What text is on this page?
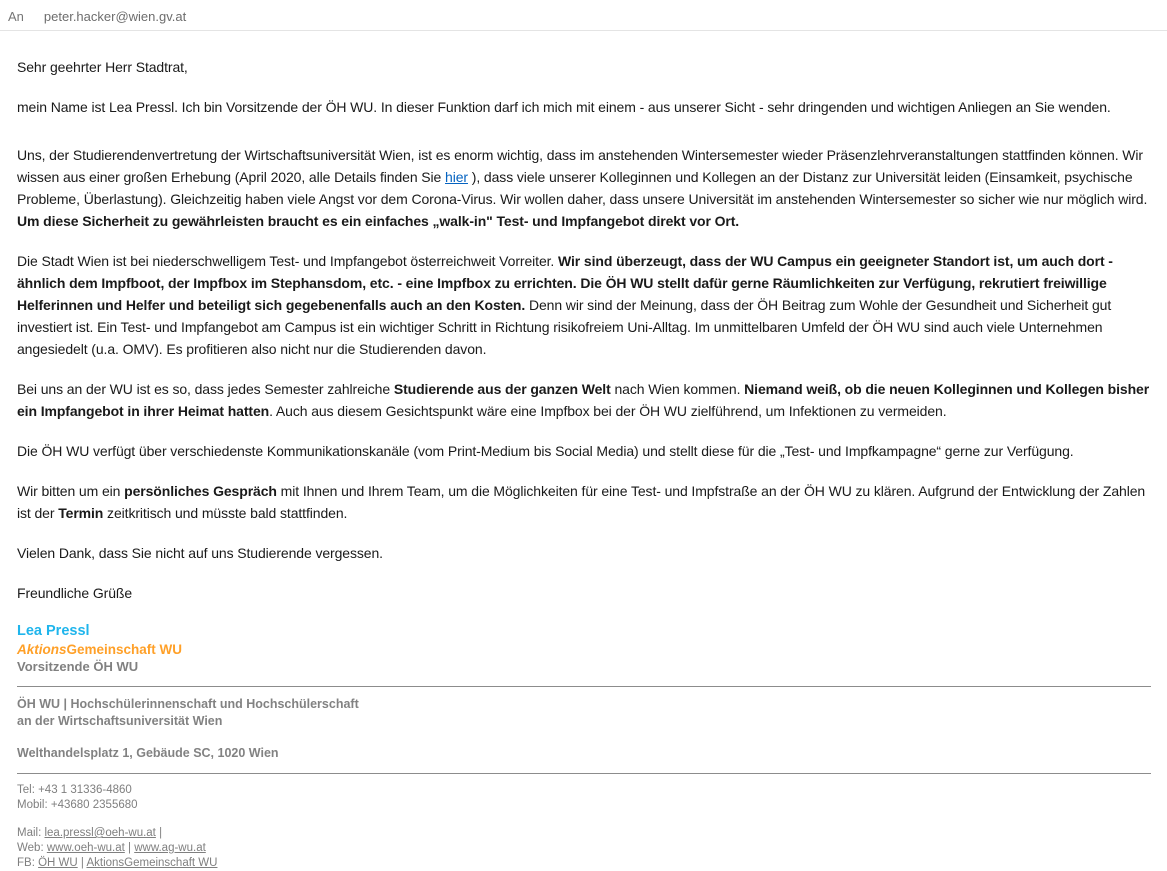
An peter.hacker@wien.gv.at

Sehr geehrter Herr Stadtrat,

mein Name ist Lea Pressl. Ich bin Vorsitzende der ÖH WU. In dieser Funktion darf ich mich mit einem - aus unserer Sicht - sehr dringenden und wichtigen Anliegen an Sie wenden.

Uns, der Studierendenvertretung der Wirtschaftsuniversität Wien, ist es enorm wichtig, dass im anstehenden Wintersemester wieder Präsenzlehrveranstaltungen stattfinden können. Wir wissen aus einer großen Erhebung (April 2020, alle Details finden Sie hier ), dass viele unserer Kolleginnen und Kollegen an der Distanz zur Universität leiden (Einsamkeit, psychische Probleme, Überlastung). Gleichzeitig haben viele Angst vor dem Corona-Virus. Wir wollen daher, dass unsere Universität im anstehenden Wintersemester so sicher wie nur möglich wird. Um diese Sicherheit zu gewährleisten braucht es ein einfaches „walk-in" Test- und Impfangebot direkt vor Ort.

Die Stadt Wien ist bei niederschwelligem Test- und Impfangebot österreichweit Vorreiter. Wir sind überzeugt, dass der WU Campus ein geeigneter Standort ist, um auch dort - ähnlich dem Impfboot, der Impfbox im Stephansdom, etc. - eine Impfbox zu errichten. Die ÖH WU stellt dafür gerne Räumlichkeiten zur Verfügung, rekrutiert freiwillige Helferinnen und Helfer und beteiligt sich gegebenenfalls auch an den Kosten. Denn wir sind der Meinung, dass der ÖH Beitrag zum Wohle der Gesundheit und Sicherheit gut investiert ist. Ein Test- und Impfangebot am Campus ist ein wichtiger Schritt in Richtung risikofreiem Uni-Alltag. Im unmittelbaren Umfeld der ÖH WU sind auch viele Unternehmen angesiedelt (u.a. OMV). Es profitieren also nicht nur die Studierenden davon.

Bei uns an der WU ist es so, dass jedes Semester zahlreiche Studierende aus der ganzen Welt nach Wien kommen. Niemand weiß, ob die neuen Kolleginnen und Kollegen bisher ein Impfangebot in ihrer Heimat hatten. Auch aus diesem Gesichtspunkt wäre eine Impfbox bei der ÖH WU zielführend, um Infektionen zu vermeiden.

Die ÖH WU verfügt über verschiedenste Kommunikationskanäle (vom Print-Medium bis Social Media) und stellt diese für die „Test- und Impfkampagne“ gerne zur Verfügung.

Wir bitten um ein persönliches Gespräch mit Ihnen und Ihrem Team, um die Möglichkeiten für eine Test- und Impfstraße an der ÖH WU zu klären. Aufgrund der Entwicklung der Zahlen ist der Termin zeitkritisch und müsste bald stattfinden.

Vielen Dank, dass Sie nicht auf uns Studierende vergessen.

Freundliche Grüße

Lea Pressl
AktionsGemeinschaft WU
Vorsitzende ÖH WU
ÖH WU | Hochschülerinnenschaft und Hochschülerschaft
an der Wirtschaftsuniversität Wien
Welthandelsplatz 1, Gebäude SC, 1020 Wien
Tel: +43 1 31336-4860
Mobil: +43680 2355680
Mail: lea.pressl@oeh-wu.at |
Web: www.oeh-wu.at | www.ag-wu.at
FB: ÖH WU | AktionsGemeinschaft WU
